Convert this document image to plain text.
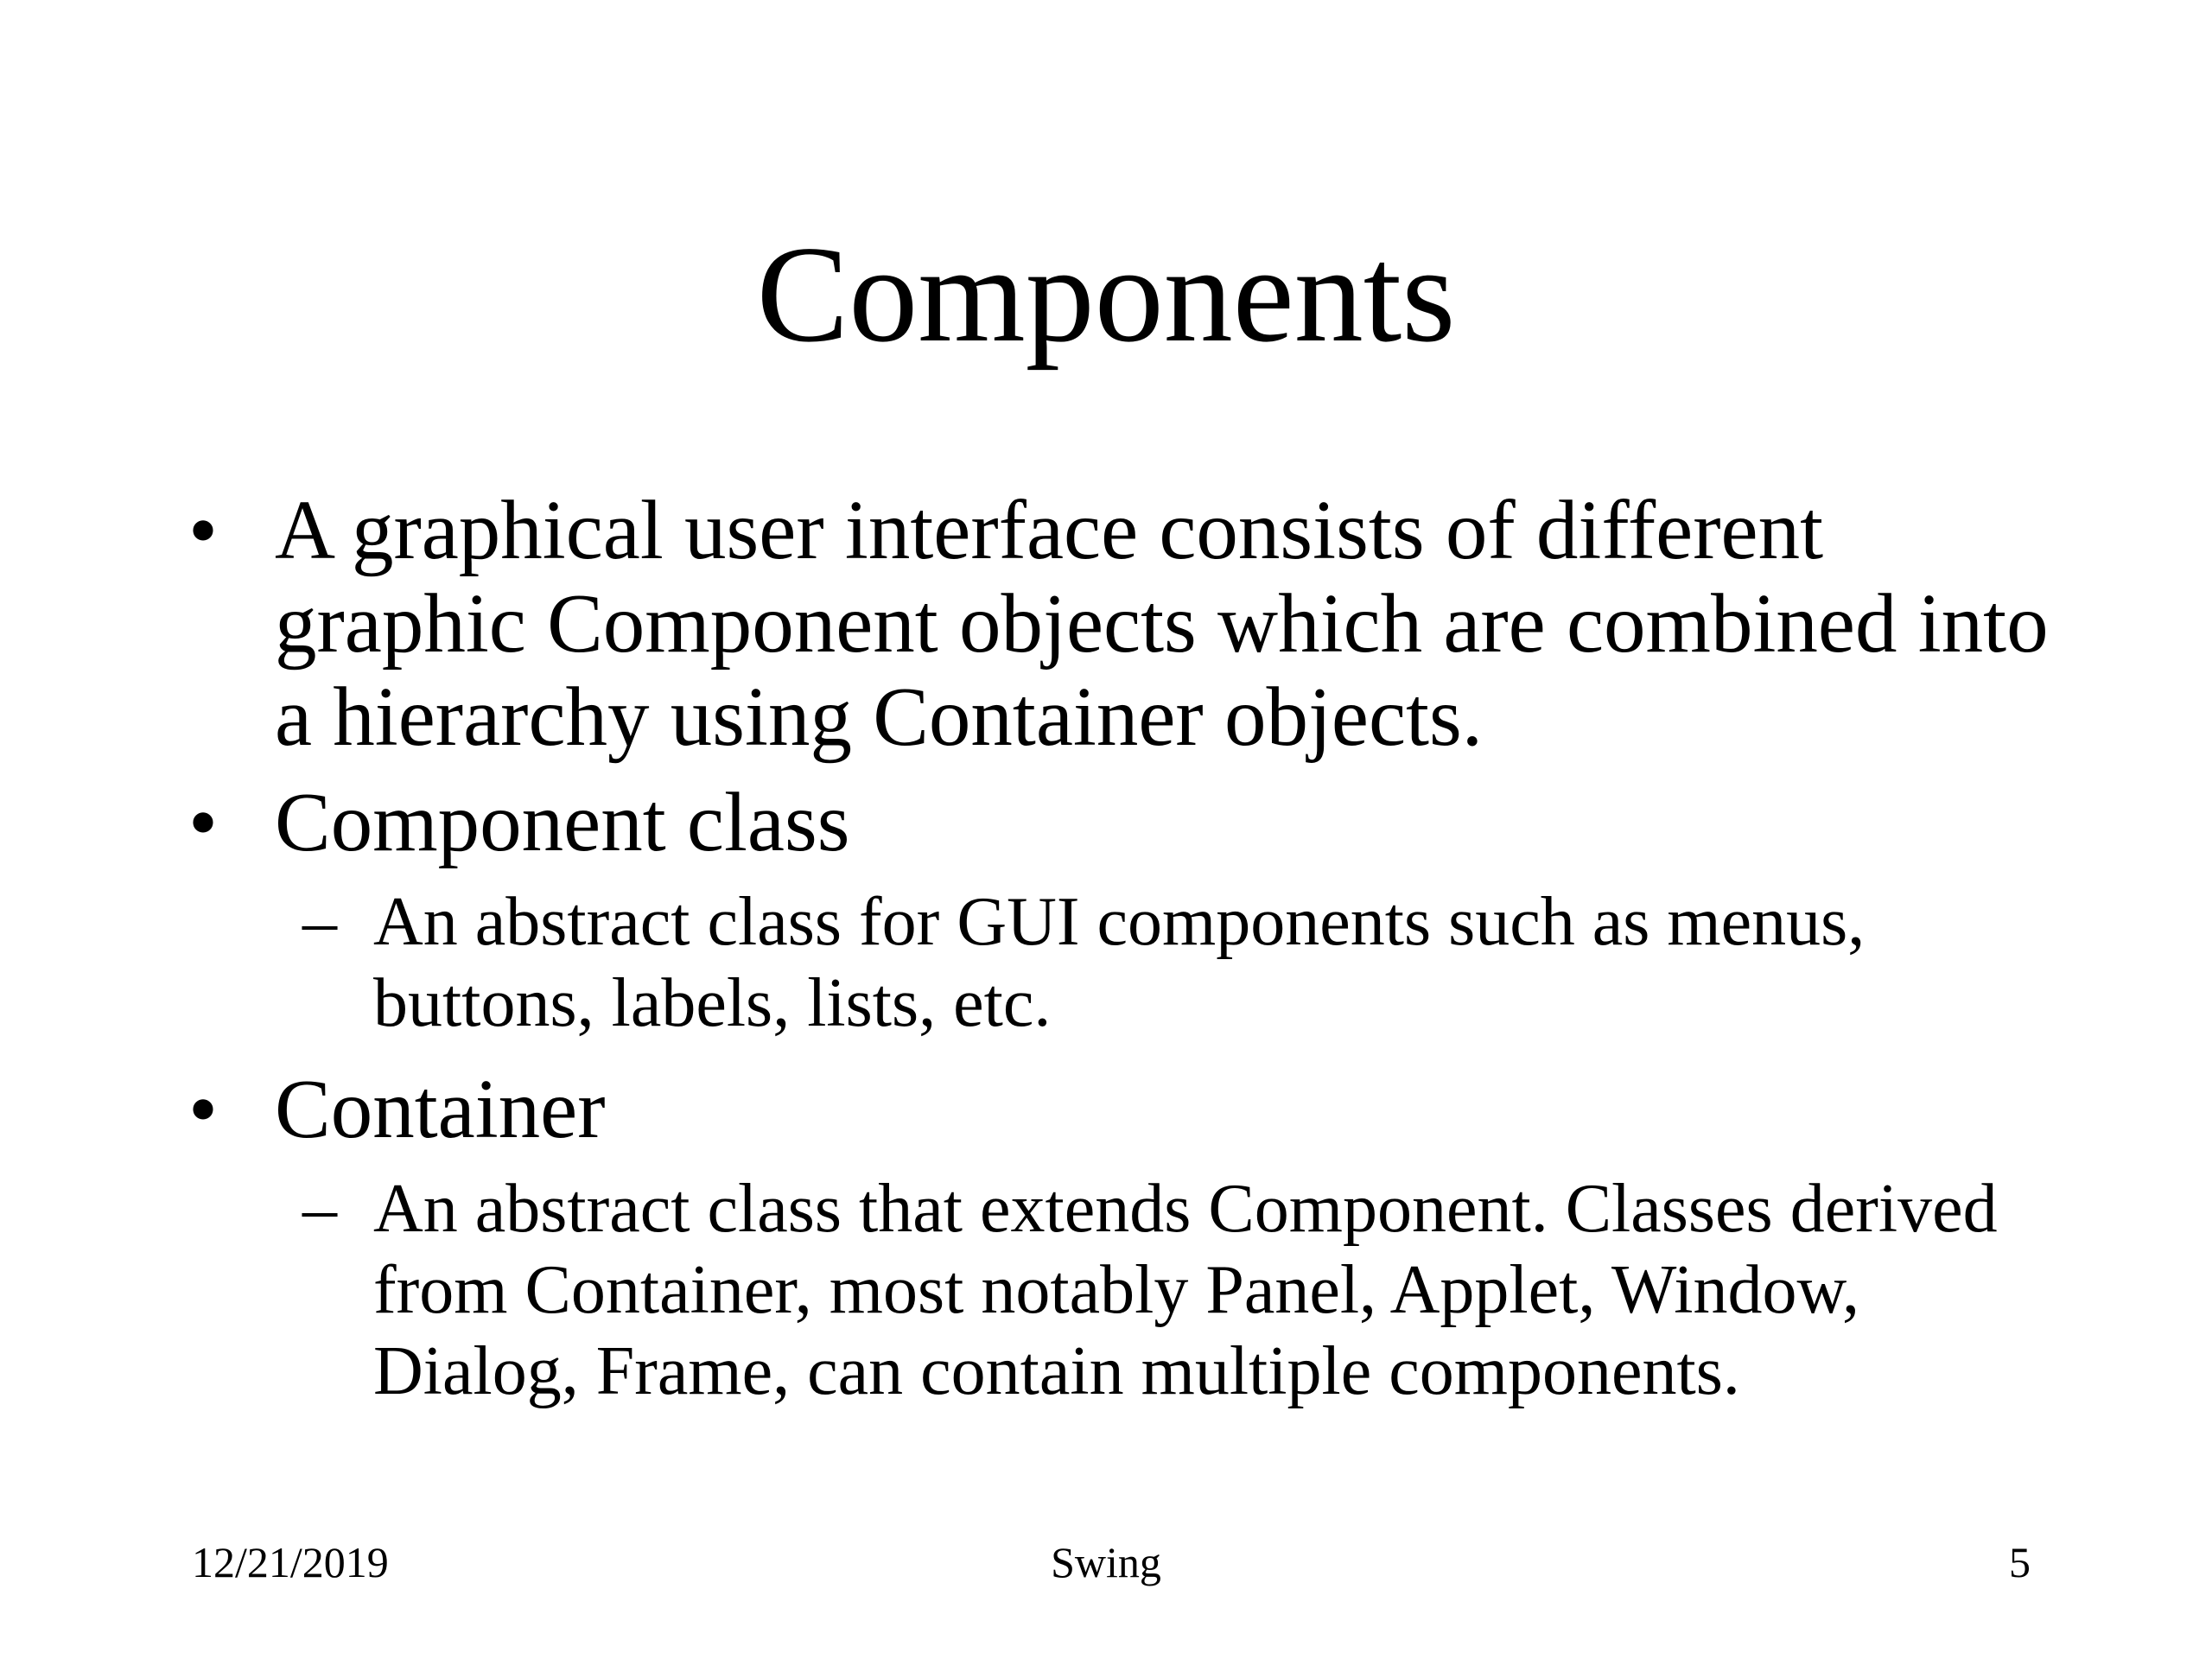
Components
• A graphical user interface consists of different graphic Component objects which are combined into a hierarchy using Container objects.
• Component class
– An abstract class for GUI components such as menus, buttons, labels, lists, etc.
• Container
– An abstract class that extends Component. Classes derived from Container, most notably Panel, Applet, Window, Dialog, Frame, can contain multiple components.
12/21/2019	Swing	5
